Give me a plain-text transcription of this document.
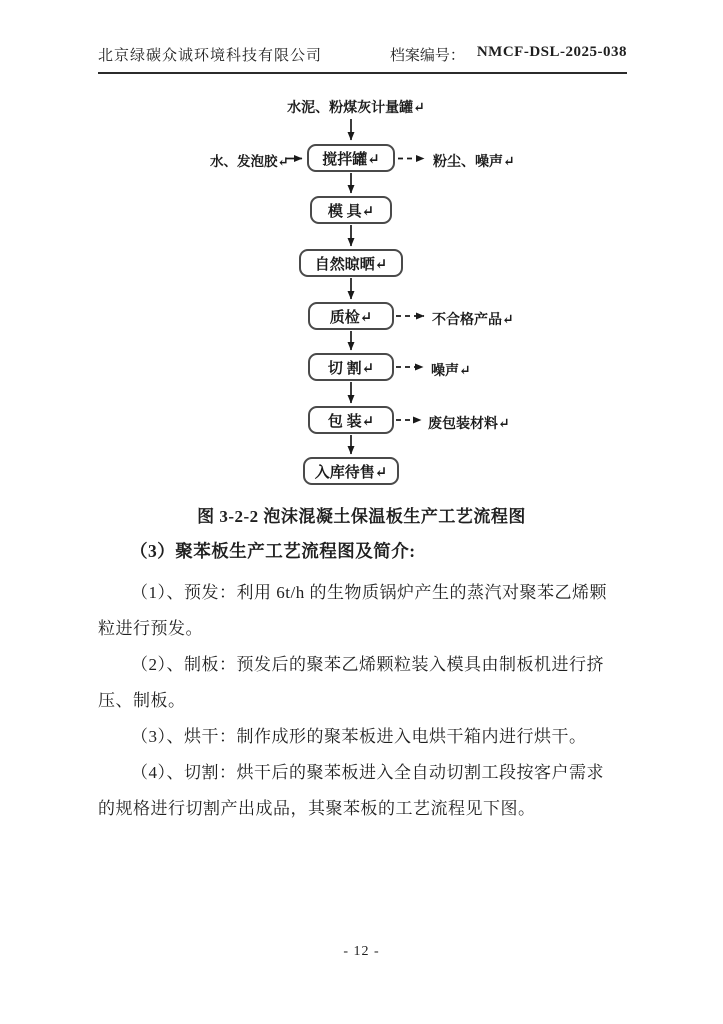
北京绿碳众诚环境科技有限公司	档案编号： NMCF-DSL-2025-038
水泥、粉煤灰计量罐↵
水、发泡胶↵	搅拌罐↵	粉尘、噪声↵
模 具↵
自然晾晒↵
质检↵	不合格产品↵
切 割↵	噪声↵
包 装↵	废包装材料↵
入库待售↵
图 3-2-2 泡沫混凝土保温板生产工艺流程图
（3）聚苯板生产工艺流程图及简介:
（1）、预发：利用 6t/h 的生物质锅炉产生的蒸汽对聚苯乙烯颗
粒进行预发。
（2）、制板：预发后的聚苯乙烯颗粒装入模具由制板机进行挤
压、制板。
（3）、烘干：制作成形的聚苯板进入电烘干箱内进行烘干。
（4）、切割：烘干后的聚苯板进入全自动切割工段按客户需求
的规格进行切割产出成品，其聚苯板的工艺流程见下图。
- 12 -
